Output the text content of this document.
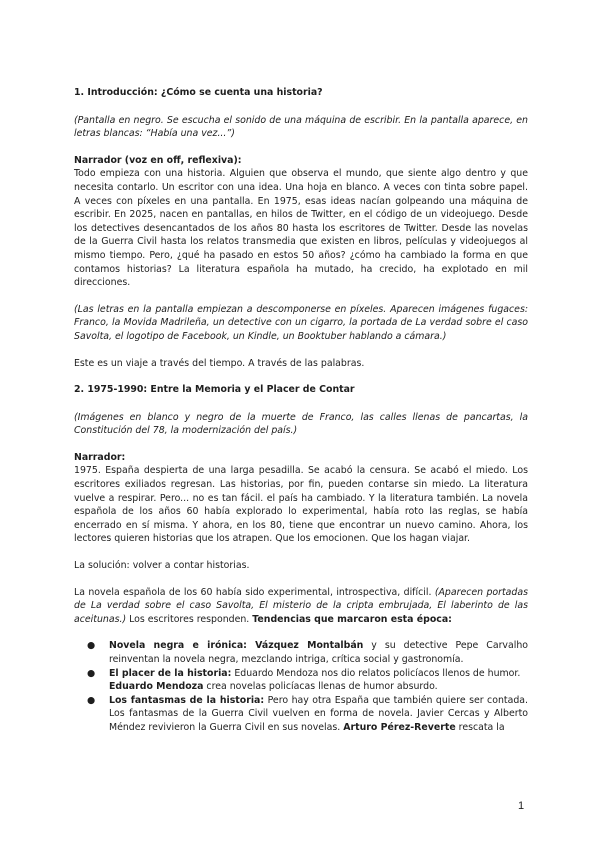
1. Introducción: ¿Cómo se cuenta una historia?

(Pantalla en negro. Se escucha el sonido de una máquina de escribir. En la pantalla aparece, en letras blancas: “Había una vez...”)

Narrador (voz en off, reflexiva):

Todo empieza con una historia. Alguien que observa el mundo, que siente algo dentro y que necesita contarlo. Un escritor con una idea. Una hoja en blanco. A veces con tinta sobre papel. A veces con píxeles en una pantalla. En 1975, esas ideas nacían golpeando una máquina de escribir. En 2025, nacen en pantallas, en hilos de Twitter, en el código de un videojuego. Desde los detectives desencantados de los años 80 hasta los escritores de Twitter. Desde las novelas de la Guerra Civil hasta los relatos transmedia que existen en libros, películas y videojuegos al mismo tiempo. Pero, ¿qué ha pasado en estos 50 años? ¿cómo ha cambiado la forma en que contamos historias? La literatura española ha mutado, ha crecido, ha explotado en mil direcciones.

(Las letras en la pantalla empiezan a descomponerse en píxeles. Aparecen imágenes fugaces: Franco, la Movida Madrileña, un detective con un cigarro, la portada de La verdad sobre el caso Savolta, el logotipo de Facebook, un Kindle, un Booktuber hablando a cámara.)

Este es un viaje a través del tiempo. A través de las palabras.

2. 1975-1990: Entre la Memoria y el Placer de Contar

(Imágenes en blanco y negro de la muerte de Franco, las calles llenas de pancartas, la Constitución del 78, la modernización del país.)

Narrador:

1975. España despierta de una larga pesadilla. Se acabó la censura. Se acabó el miedo. Los escritores exiliados regresan. Las historias, por fin, pueden contarse sin miedo. La literatura vuelve a respirar. Pero... no es tan fácil. el país ha cambiado. Y la literatura también. La novela española de los años 60 había explorado lo experimental, había roto las reglas, se había encerrado en sí misma. Y ahora, en los 80, tiene que encontrar un nuevo camino. Ahora, los lectores quieren historias que los atrapen. Que los emocionen. Que los hagan viajar.

La solución: volver a contar historias.

La novela española de los 60 había sido experimental, introspectiva, difícil. (Aparecen portadas de La verdad sobre el caso Savolta, El misterio de la cripta embrujada, El laberinto de las aceitunas.) Los escritores responden. Tendencias que marcaron esta época:

● Novela negra e irónica: Vázquez Montalbán y su detective Pepe Carvalho reinventan la novela negra, mezclando intriga, crítica social y gastronomía.
● El placer de la historia: Eduardo Mendoza nos dio relatos policíacos llenos de humor.
Eduardo Mendoza crea novelas policíacas llenas de humor absurdo.
● Los fantasmas de la historia: Pero hay otra España que también quiere ser contada. Los fantasmas de la Guerra Civil vuelven en forma de novela. Javier Cercas y Alberto Méndez revivieron la Guerra Civil en sus novelas. Arturo Pérez-Reverte rescata la
1
